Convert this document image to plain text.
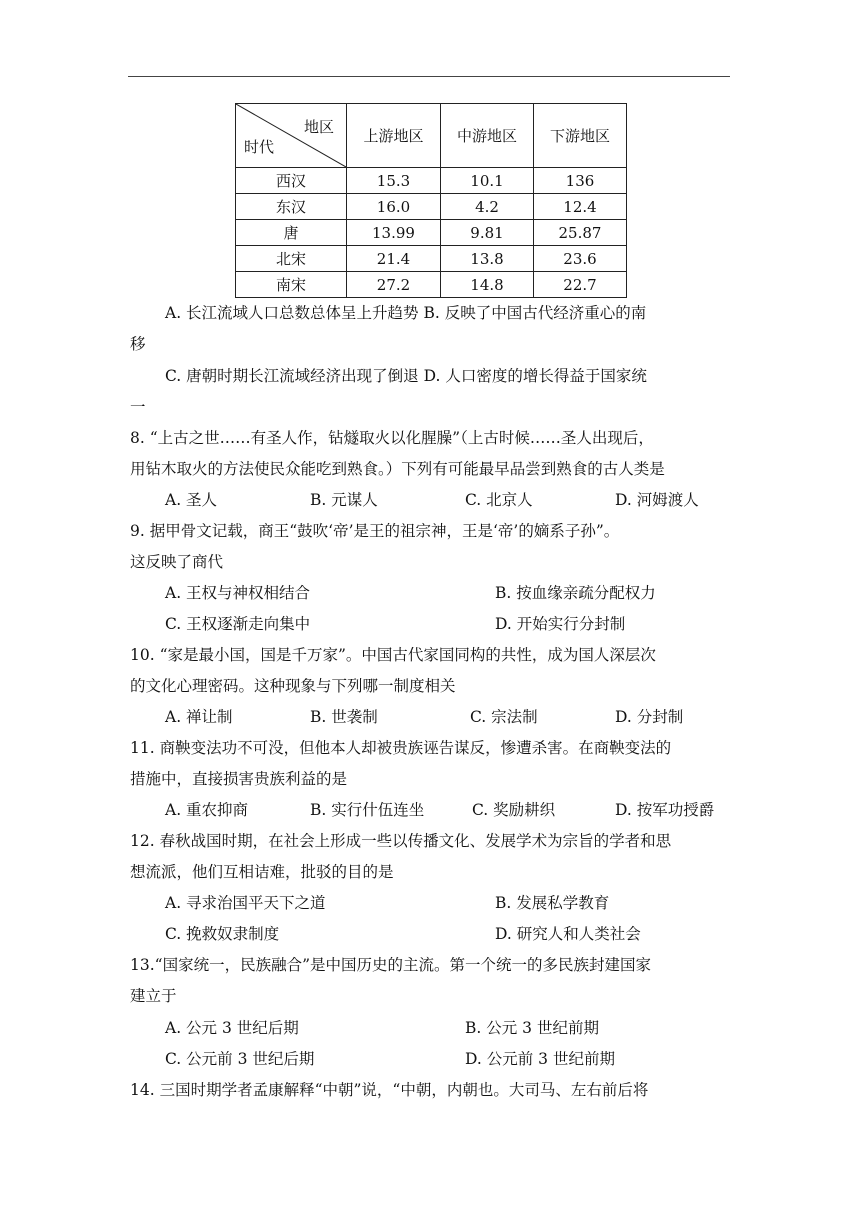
地区
时代	上游地区	中游地区	下游地区
西汉	15.3	10.1	136
东汉	16.0	4.2	12.4
唐	13.99	9.81	25.87
北宋	21.4	13.8	23.6
南宋	27.2	14.8	22.7
A. 长江流域人口总数总体呈上升趋势 B. 反映了中国古代经济重心的南
移
C. 唐朝时期长江流域经济出现了倒退 D. 人口密度的增长得益于国家统
一
8. “上古之世……有圣人作，钻燧取火以化腥臊”（上古时候……圣人出现后，
用钻木取火的方法使民众能吃到熟食。）下列有可能最早品尝到熟食的古人类是
A. 圣人	B. 元谋人	C. 北京人	D. 河姆渡人
9. 据甲骨文记载，商王“鼓吹‘帝’是王的祖宗神，王是‘帝’的嫡系子孙”。
这反映了商代
A. 王权与神权相结合	B. 按血缘亲疏分配权力
C. 王权逐渐走向集中	D. 开始实行分封制
10. “家是最小国，国是千万家”。中国古代家国同构的共性，成为国人深层次
的文化心理密码。这种现象与下列哪一制度相关
A. 禅让制	B. 世袭制	C. 宗法制	D. 分封制
11. 商鞅变法功不可没，但他本人却被贵族诬告谋反，惨遭杀害。在商鞅变法的
措施中，直接损害贵族利益的是
A. 重农抑商	B. 实行什伍连坐	C. 奖励耕织	D. 按军功授爵
12. 春秋战国时期，在社会上形成一些以传播文化、发展学术为宗旨的学者和思
想流派，他们互相诘难，批驳的目的是
A. 寻求治国平天下之道	B. 发展私学教育
C. 挽救奴隶制度	D. 研究人和人类社会
13.“国家统一，民族融合”是中国历史的主流。第一个统一的多民族封建国家
建立于
A. 公元 3 世纪后期	B. 公元 3 世纪前期
C. 公元前 3 世纪后期	D. 公元前 3 世纪前期
14. 三国时期学者孟康解释“中朝”说，“中朝，内朝也。大司马、左右前后将
